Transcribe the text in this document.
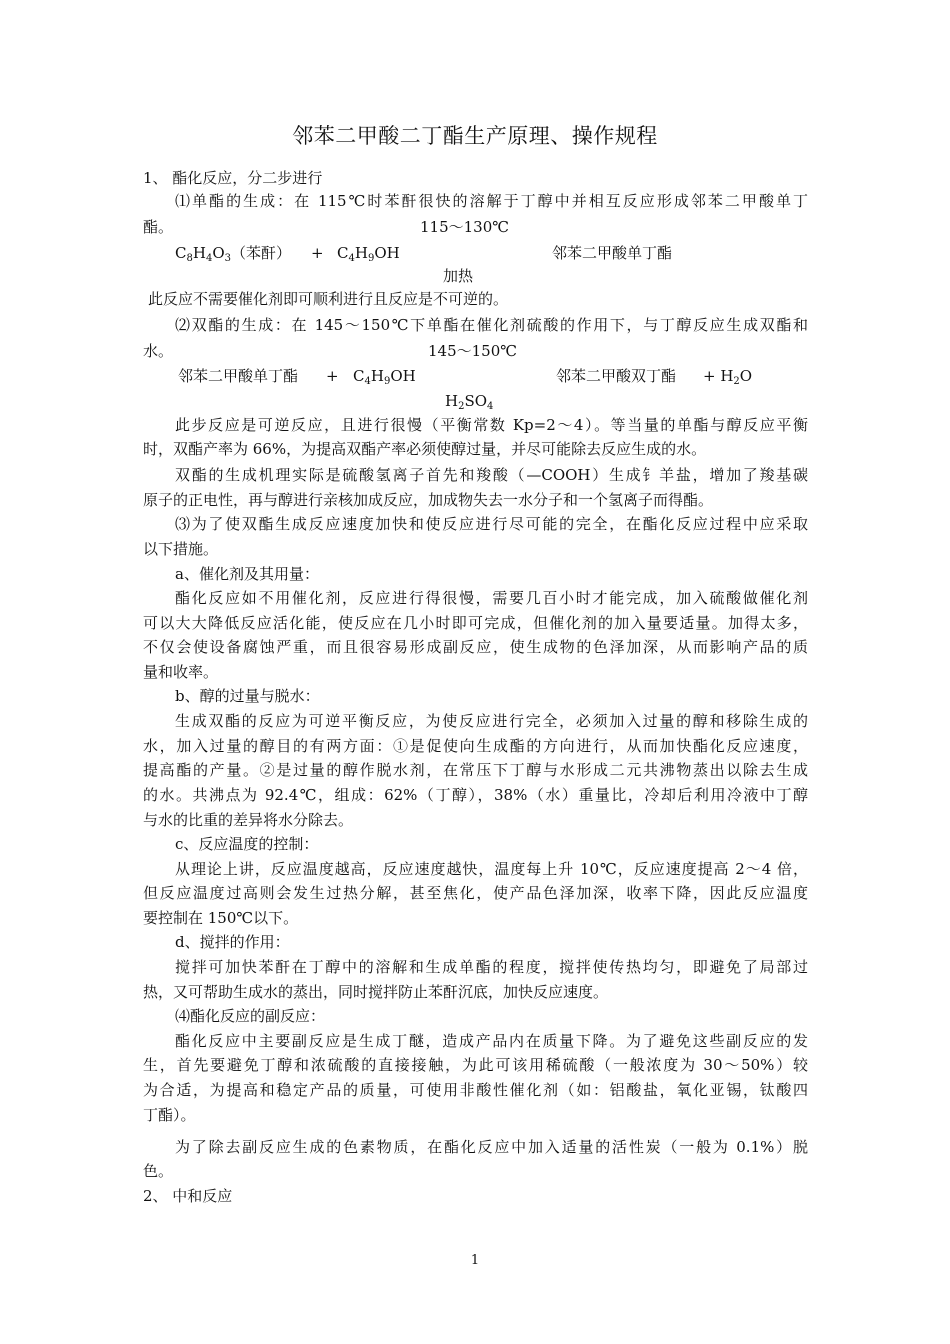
邻苯二甲酸二丁酯生产原理、操作规程
1、 酯化反应，分二步进行
⑴单酯的生成：在 115℃时苯酐很快的溶解于丁醇中并相互反应形成邻苯二甲酸单丁
酯。	115～130℃
$C_8H_4O_3$（苯酐） + $C_4H_9OH$	邻苯二甲酸单丁酯
加热
此反应不需要催化剂即可顺利进行且反应是不可逆的。
⑵双酯的生成：在 145～150℃下单酯在催化剂硫酸的作用下，与丁醇反应生成双酯和
水。	145～150℃
邻苯二甲酸单丁酯 + $C_4H_9OH$	邻苯二甲酸双丁酯 + $H_2O$
$H_2SO_4$
此步反应是可逆反应，且进行很慢（平衡常数 Kp=2～4）。等当量的单酯与醇反应平衡
时，双酯产率为 66%，为提高双酯产率必须使醇过量，并尽可能除去反应生成的水。
双酯的生成机理实际是硫酸氢离子首先和羧酸（—COOH）生成钅羊盐，增加了羧基碳
原子的正电性，再与醇进行亲核加成反应，加成物失去一水分子和一个氢离子而得酯。
⑶为了使双酯生成反应速度加快和使反应进行尽可能的完全，在酯化反应过程中应采取
以下措施。
a、催化剂及其用量：
酯化反应如不用催化剂，反应进行得很慢，需要几百小时才能完成，加入硫酸做催化剂
可以大大降低反应活化能，使反应在几小时即可完成，但催化剂的加入量要适量。加得太多，
不仅会使设备腐蚀严重，而且很容易形成副反应，使生成物的色泽加深，从而影响产品的质
量和收率。
b、醇的过量与脱水：
生成双酯的反应为可逆平衡反应，为使反应进行完全，必须加入过量的醇和移除生成的
水，加入过量的醇目的有两方面：①是促使向生成酯的方向进行，从而加快酯化反应速度，
提高酯的产量。②是过量的醇作脱水剂，在常压下丁醇与水形成二元共沸物蒸出以除去生成
的水。共沸点为 92.4℃，组成：62%（丁醇），38%（水）重量比，冷却后利用冷液中丁醇
与水的比重的差异将水分除去。
c、反应温度的控制：
从理论上讲，反应温度越高，反应速度越快，温度每上升 10℃，反应速度提高 2～4 倍，
但反应温度过高则会发生过热分解，甚至焦化，使产品色泽加深，收率下降，因此反应温度
要控制在 150℃以下。
d、搅拌的作用：
搅拌可加快苯酐在丁醇中的溶解和生成单酯的程度，搅拌使传热均匀，即避免了局部过
热，又可帮助生成水的蒸出，同时搅拌防止苯酐沉底，加快反应速度。
⑷酯化反应的副反应：
酯化反应中主要副反应是生成丁醚，造成产品内在质量下降。为了避免这些副反应的发
生，首先要避免丁醇和浓硫酸的直接接触，为此可该用稀硫酸（一般浓度为 30～50%）较
为合适，为提高和稳定产品的质量，可使用非酸性催化剂（如：铝酸盐，氧化亚锡，钛酸四
丁酯）。
为了除去副反应生成的色素物质，在酯化反应中加入适量的活性炭（一般为 0.1%）脱
色。
2、 中和反应
1
